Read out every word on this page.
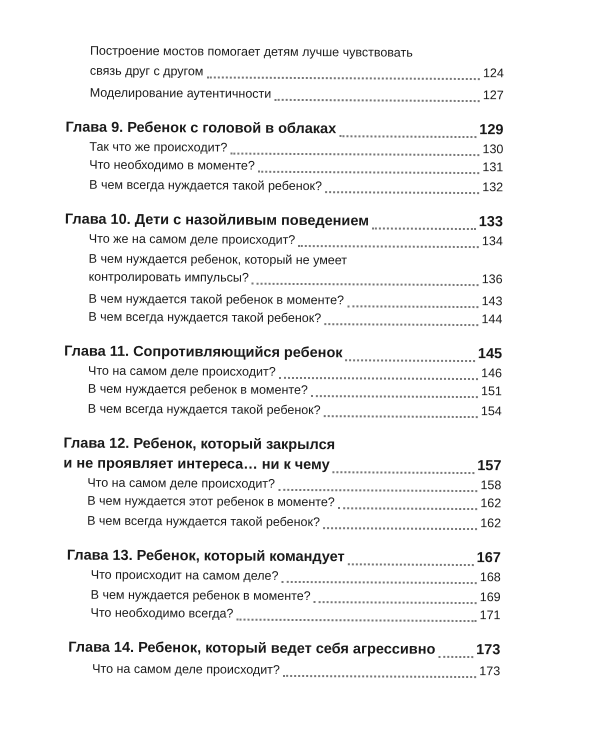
Построение мостов помогает детям лучше чувствовать
связь друг с другом	124
Моделирование аутентичности	127
Глава 9. Ребенок с головой в облаках	129
Так что же происходит?	130
Что необходимо в моменте?	131
В чем всегда нуждается такой ребенок?	132
Глава 10. Дети с назойливым поведением	133
Что же на самом деле происходит?	134
В чем нуждается ребенок, который не умеет
контролировать импульсы?	136
В чем нуждается такой ребенок в моменте?	143
В чем всегда нуждается такой ребенок?	144
Глава 11. Сопротивляющийся ребенок	145
Что на самом деле происходит?	146
В чем нуждается ребенок в моменте?	151
В чем всегда нуждается такой ребенок?	154
Глава 12. Ребенок, который закрылся
и не проявляет интереса… ни к чему	157
Что на самом деле происходит?	158
В чем нуждается этот ребенок в моменте?	162
В чем всегда нуждается такой ребенок?	162
Глава 13. Ребенок, который командует	167
Что происходит на самом деле?	168
В чем нуждается ребенок в моменте?	169
Что необходимо всегда?	171
Глава 14. Ребенок, который ведет себя агрессивно	173
Что на самом деле происходит?	173
